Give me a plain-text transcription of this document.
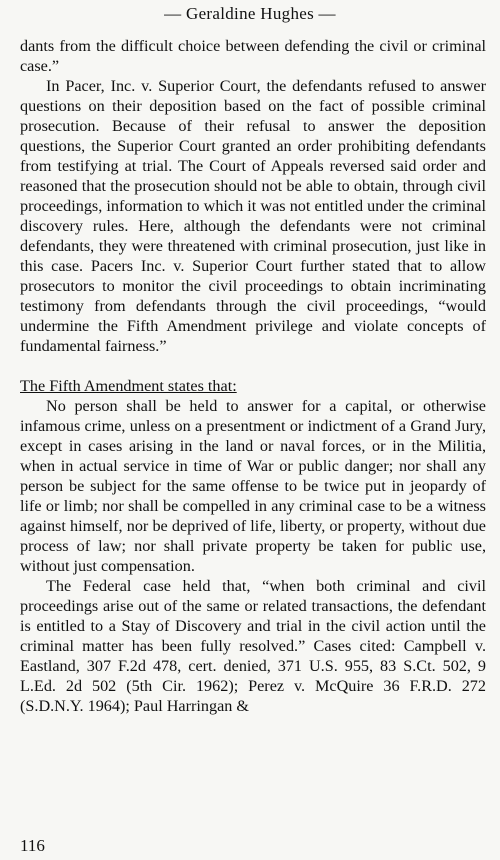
— Geraldine Hughes —

dants from the difficult choice between defending the civil or criminal case.”

In Pacer, Inc. v. Superior Court, the defendants refused to answer questions on their deposition based on the fact of possible criminal prosecution. Because of their refusal to answer the deposition questions, the Superior Court granted an order prohibiting defendants from testifying at trial. The Court of Appeals reversed said order and reasoned that the prosecution should not be able to obtain, through civil proceedings, information to which it was not entitled under the criminal discovery rules. Here, although the defendants were not criminal defendants, they were threatened with criminal prosecution, just like in this case. Pacers Inc. v. Superior Court further stated that to allow prosecutors to monitor the civil proceedings to obtain incriminating testimony from defendants through the civil proceedings, “would undermine the Fifth Amendment privilege and violate concepts of fundamental fairness.”

The Fifth Amendment states that:

No person shall be held to answer for a capital, or otherwise infamous crime, unless on a presentment or indictment of a Grand Jury, except in cases arising in the land or naval forces, or in the Militia, when in actual service in time of War or public danger; nor shall any person be subject for the same offense to be twice put in jeopardy of life or limb; nor shall be compelled in any criminal case to be a witness against himself, nor be deprived of life, liberty, or property, without due process of law; nor shall private property be taken for public use, without just compensation.

The Federal case held that, “when both criminal and civil proceedings arise out of the same or related transactions, the defendant is entitled to a Stay of Discovery and trial in the civil action until the criminal matter has been fully resolved.” Cases cited: Campbell v. Eastland, 307 F.2d 478, cert. denied, 371 U.S. 955, 83 S.Ct. 502, 9 L.Ed. 2d 502 (5th Cir. 1962); Perez v. McQuire 36 F.R.D. 272 (S.D.N.Y. 1964); Paul Harringan &

116
